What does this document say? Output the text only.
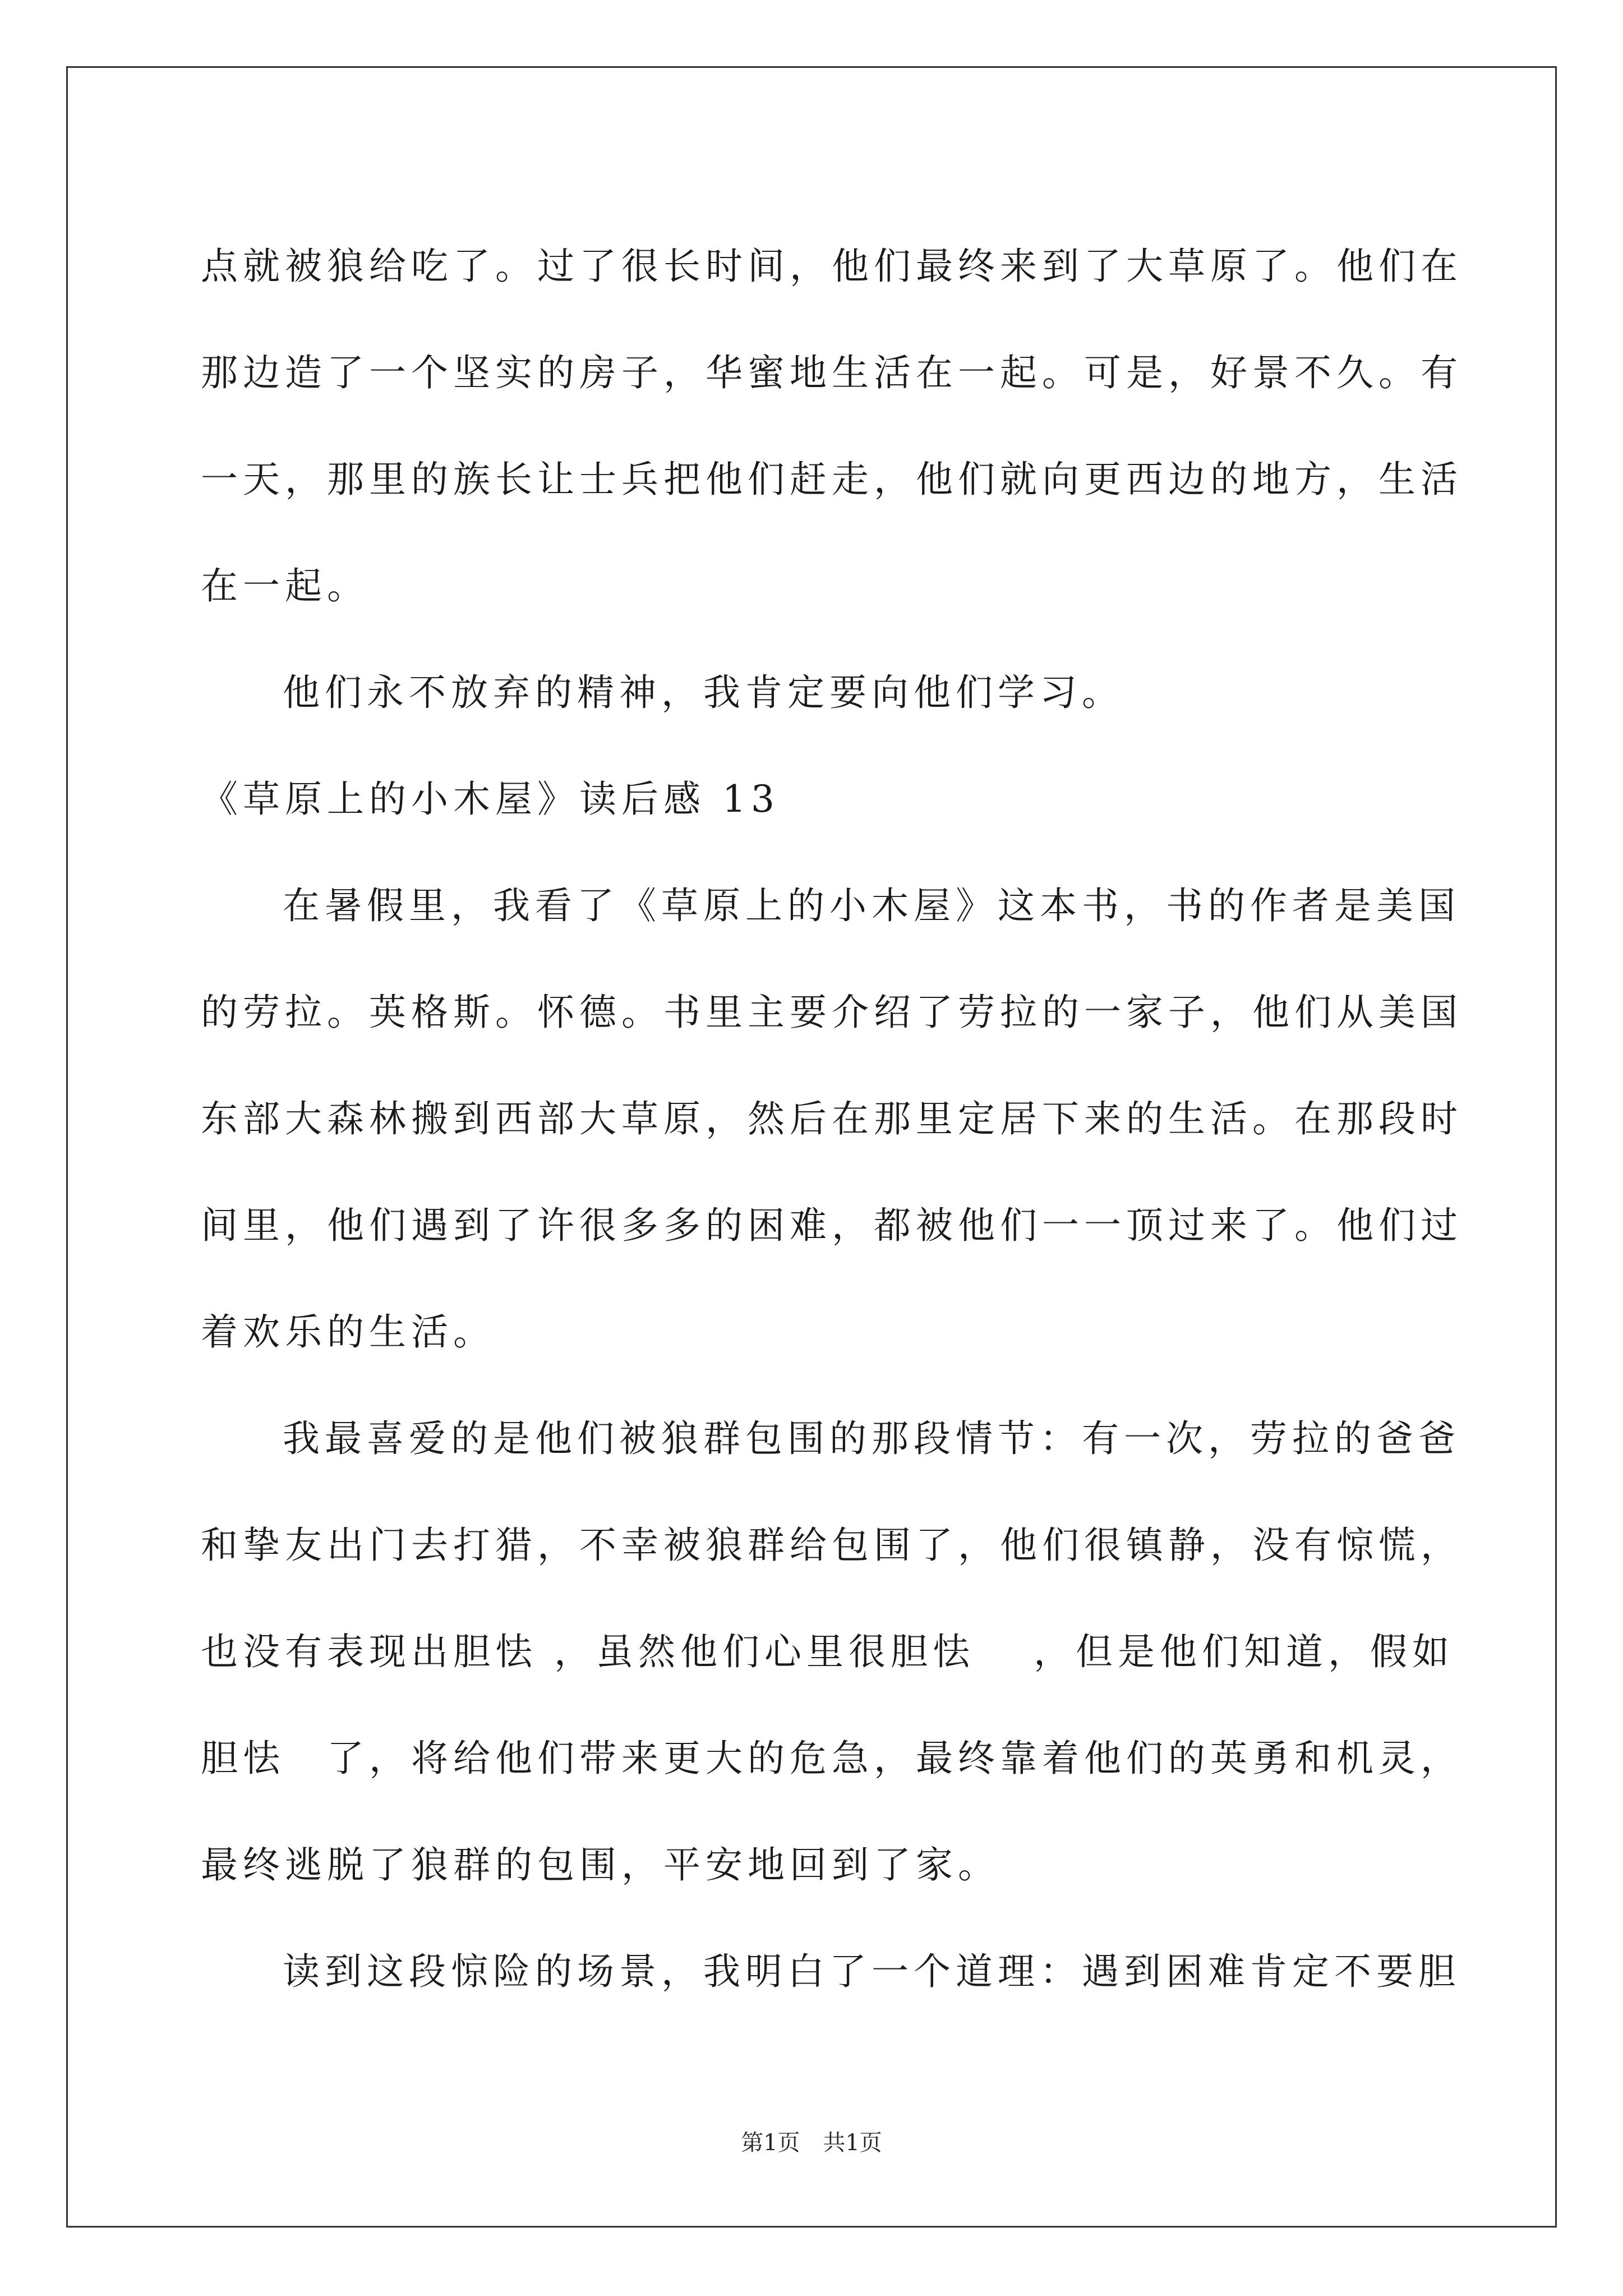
点就被狼给吃了。过了很长时间，他们最终来到了大草原了。他们在
那边造了一个坚实的房子，华蜜地生活在一起。可是，好景不久。有
一天，那里的族长让士兵把他们赶走，他们就向更西边的地方，生活
在一起。
他们永不放弃的精神，我肯定要向他们学习。
《草原上的小木屋》读后感 13
在暑假里，我看了《草原上的小木屋》这本书，书的作者是美国
的劳拉。英格斯。怀德。书里主要介绍了劳拉的一家子，他们从美国
东部大森林搬到西部大草原，然后在那里定居下来的生活。在那段时
间里，他们遇到了许很多多的困难，都被他们一一顶过来了。他们过
着欢乐的生活。
我最喜爱的是他们被狼群包围的那段情节：有一次，劳拉的爸爸
和挚友出门去打猎，不幸被狼群给包围了，他们很镇静，没有惊慌，
也没有表现出胆怯 ，虽然他们心里很胆怯　 ，但是他们知道，假如
胆怯　了，将给他们带来更大的危急，最终靠着他们的英勇和机灵，
最终逃脱了狼群的包围，平安地回到了家。
读到这段惊险的场景，我明白了一个道理：遇到困难肯定不要胆
第1页 共1页
